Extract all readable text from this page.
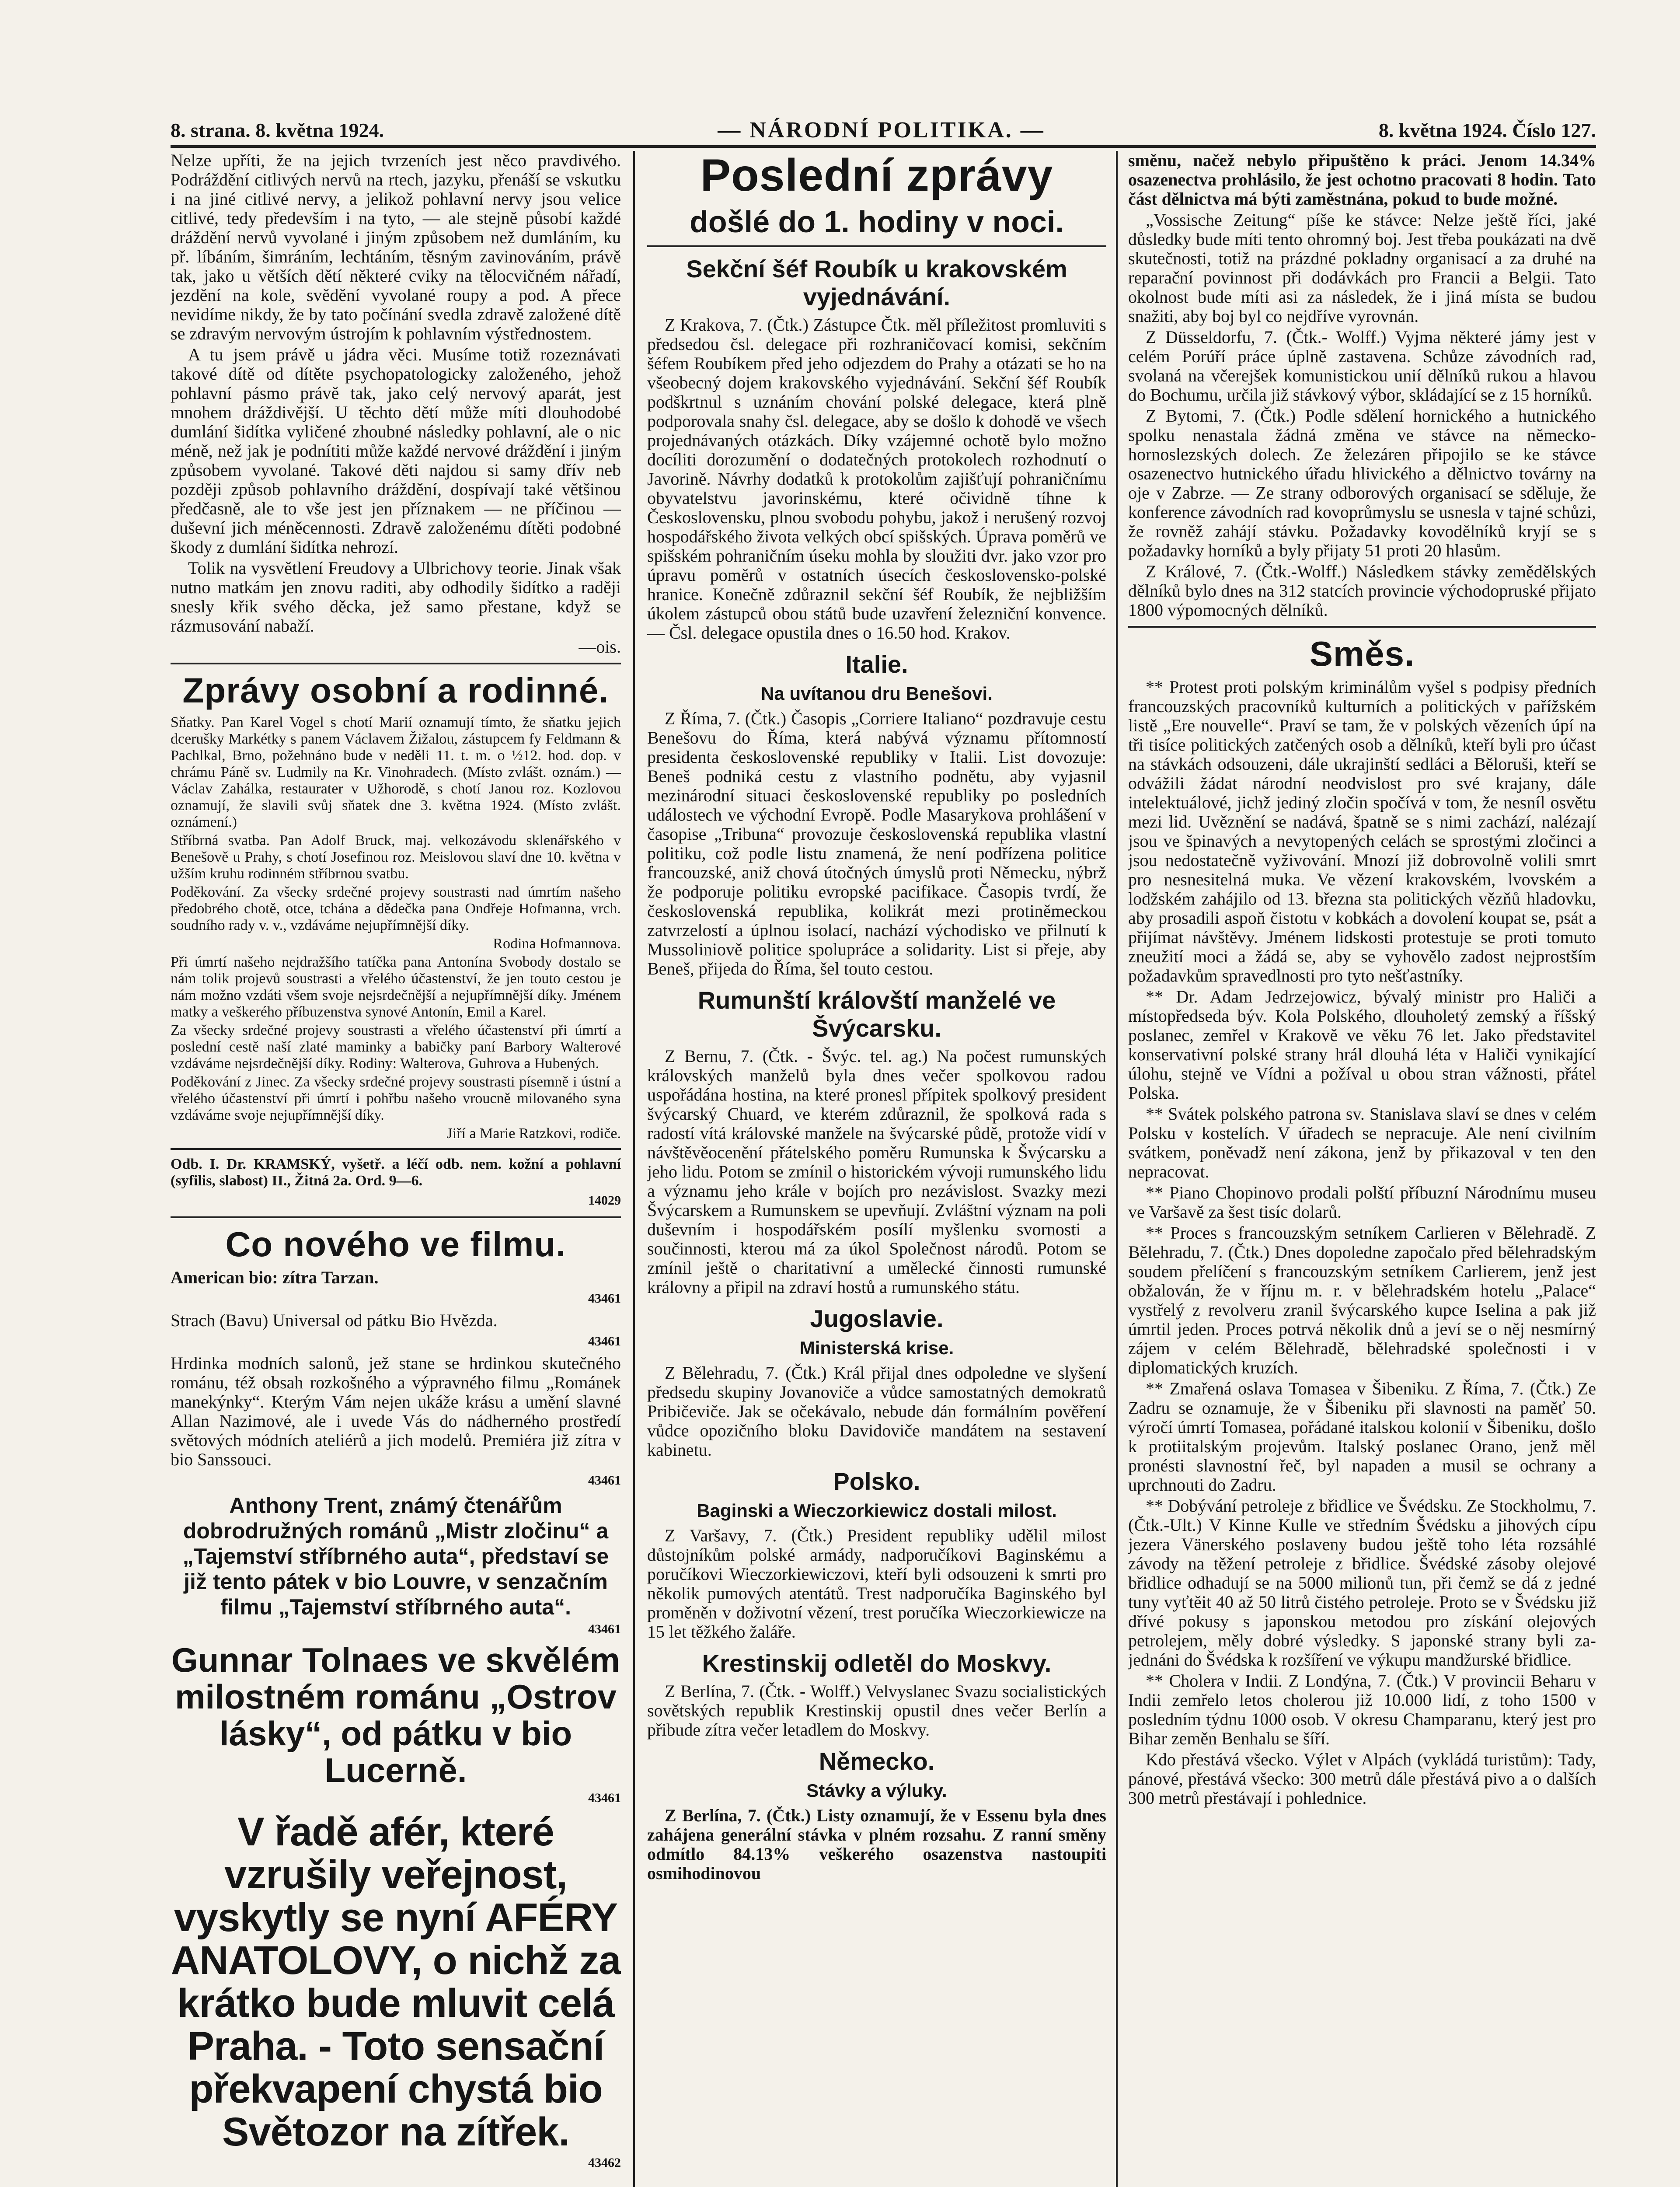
8. strana. 8. května 1924.	— NÁRODNÍ POLITIKA. —	8. května 1924. Číslo 127.

Nelze upříti, že na jejich tvrzeních jest něco pravdivého. Podráždění citlivých nervů na rtech, jazyku, přenáší se vskutku i na jiné citlivé nervy, a jelikož pohlavní nervy jsou velice citlivé, tedy především i na tyto, — ale stejně působí každé dráždění nervů vyvolané i jiným způsobem než dumláním, ku př. líbáním, šimráním, lechtáním, těsným zavinováním, právě tak, jako u větších dětí některé cviky na tělocvičném nářadí, jezdění na kole, svědění vyvolané roupy a pod. A přece nevidíme nikdy, že by tato počínání svedla zdravě založené dítě se zdravým nervovým ústrojím k pohlavním výstřednostem.

A tu jsem právě u jádra věci. Musíme totiž rozeznávati takové dítě od dítěte psychopatologicky založeného, jehož pohlavní pásmo právě tak, jako celý nervový aparát, jest mnohem dráždivější. U těchto dětí může míti dlouhodobé dumlání šidítka vyličené zhoubné následky pohlavní, ale o nic méně, než jak je podnítiti může každé nervové dráždění i jiným způsobem vyvolané. Takové děti najdou si samy dřív neb později způsob pohlavního dráždění, dospívají také většinou předčasně, ale to vše jest jen příznakem — ne příčinou — duševní jich méněcennosti. Zdravě založenému dítěti podobné škody z dumlání šidítka nehrozí.

Tolik na vysvětlení Freudovy a Ulbrichovy teorie. Jinak však nutno matkám jen znovu raditi, aby odhodily šidítko a raději snesly křik svého děcka, jež samo přestane, když se rázmusování nabaží.

—ois.

Zprávy osobní a rodinné.

Sňatky. Pan Karel Vogel s chotí Marií oznamují tímto, že sňatku jejich dcerušky Markétky s panem Václavem Žižalou, zástupcem fy Feldmann & Pachlkal, Brno, požehnáno bude v neděli 11. t. m. o ½12. hod. dop. v chrámu Páně sv. Ludmily na Kr. Vinohradech. (Místo zvlášt. oznám.) — Václav Zahálka, restaurater v Užhorodě, s chotí Janou roz. Kozlovou oznamují, že slavili svůj sňatek dne 3. května 1924. (Místo zvlášt. oznámení.)

Stříbrná svatba. Pan Adolf Bruck, maj. velkozávodu sklenářského v Benešově u Prahy, s chotí Josefinou roz. Meislovou slaví dne 10. května v užším kruhu rodinném stříbrnou svatbu.

Poděkování. Za všecky srdečné projevy soustrasti nad úmrtím našeho předobrého chotě, otce, tchána a dědečka pana Ondřeje Hofmanna, vrch. soudního rady v. v., vzdáváme nejupřímnější díky.

Rodina Hofmannova.

Při úmrtí našeho nejdražšího tatíčka pana Antonína Svobody dostalo se nám tolik projevů soustrasti a vřelého účastenství, že jen touto cestou je nám možno vzdáti všem svoje nejsrdečnější a nejupřímnější díky. Jménem matky a veškerého příbuzenstva synové Antonín, Emil a Karel.

Za všecky srdečné projevy soustrasti a vřelého účastenství při úmrtí a poslední cestě naší zlaté maminky a babičky paní Barbory Walterové vzdáváme nejsrdečnější díky. Rodiny: Walterova, Guhrova a Hubených.

Poděkování z Jinec. Za všecky srdečné projevy soustrasti písemně i ústní a vřelého účastenství při úmrtí i pohřbu našeho vroucně milovaného syna vzdáváme svoje nejupřímnější díky.

Jiří a Marie Ratzkovi, rodiče.

Odb. I. Dr. KRAMSKÝ, vyšetř. a léčí odb. nem. kožní a pohlavní (syfilis, slabost) II., Žitná 2a. Ord. 9—6.

14029

Co nového ve filmu.

American bio: zítra Tarzan.

43461

Strach (Bavu) Universal od pátku Bio Hvězda.

43461

Hrdinka modních salonů, jež stane se hrdinkou skutečného románu, též obsah rozkošného a výpravného filmu „Románek manekýnky“. Kterým Vám nejen ukáže krásu a umění slavné Allan Nazimové, ale i uvede Vás do nádherného prostředí světových módních ateliérů a jich modelů. Premiéra již zítra v bio Sanssouci.

43461

Anthony Trent, známý čtenářům dobrodružných románů „Mistr zločinu“ a „Tajemství stříbrného auta“, představí se již tento pátek v bio Louvre, v senzačním filmu „Tajemství stříbrného auta“.

43461

Gunnar Tolnaes ve skvělém milostném románu „Ostrov lásky“, od pátku v bio Lucerně.

43461

V řadě afér, které vzrušily veřejnost, vyskytly se nyní AFÉRY ANATOLOVY, o nichž za krátko bude mluvit celá Praha. - Toto sensační překvapení chystá bio Světozor na zítřek.

43462

Poslední zprávy
došlé do 1. hodiny v noci.
Sekční šéf Roubík u krakovském vyjednávání.

Z Krakova, 7. (Čtk.) Zástupce Čtk. měl příležitost promluviti s předsedou čsl. delegace při rozhraničovací komisi, sekčním šéfem Roubíkem před jeho odjezdem do Prahy a otázati se ho na všeobecný dojem krakovského vyjednávání. Sekční šéf Roubík podškrtnul s uznáním chování polské delegace, která plně podporovala snahy čsl. delegace, aby se došlo k dohodě ve všech projednávaných otázkách. Díky vzájemné ochotě bylo možno docíliti dorozumění o dodatečných protokolech rozhodnutí o Javorině. Návrhy dodatků k protokolům zajišťují pohraničnímu obyvatelstvu javorinskému, které očividně tíhne k Československu, plnou svobodu pohybu, jakož i nerušený rozvoj hospodářského života velkých obcí spišských. Úprava poměrů ve spišském pohraničním úseku mohla by sloužiti dvr. jako vzor pro úpravu poměrů v ostatních úsecích československo-polské hranice. Konečně zdůraznil sekční šéf Roubík, že nejbližším úkolem zástupců obou států bude uzavření železniční konvence. — Čsl. delegace opustila dnes o 16.50 hod. Krakov.

Italie.
Na uvítanou dru Benešovi.

Z Říma, 7. (Čtk.) Časopis „Corriere Italiano“ pozdravuje cestu Benešovu do Říma, která nabývá významu přítomností presidenta československé republiky v Italii. List dovozuje: Beneš podniká cestu z vlastního podnětu, aby vyjasnil mezinárodní situaci československé republiky po posledních událostech ve východní Evropě. Podle Masarykova prohlášení v časopise „Tribuna“ provozuje československá republika vlastní politiku, což podle listu znamená, že není podřízena politice francouzské, aniž chová útočných úmyslů proti Německu, nýbrž že podporuje politiku evropské pacifikace. Časopis tvrdí, že československá republika, kolikrát mezi protiněmeckou zatvrzelostí a úplnou isolací, nachází východisko ve přilnutí k Mussoliniově politice spolupráce a solidarity. List si přeje, aby Beneš, přijeda do Říma, šel touto cestou.

Rumunští královští manželé ve Švýcarsku.

Z Bernu, 7. (Čtk. - Švýc. tel. ag.) Na počest rumunských královských manželů byla dnes večer spolkovou radou uspořádána hostina, na které pronesl přípitek spolkový president švýcarský Chuard, ve kterém zdůraznil, že spolková rada s radostí vítá královské manžele na švýcarské půdě, protože vidí v návštěvěocenění přátelského poměru Rumunska k Švýcarsku a jeho lidu. Potom se zmínil o historickém vývoji rumunského lidu a významu jeho krále v bojích pro nezávislost. Svazky mezi Švýcarskem a Rumunskem se upevňují. Zvláštní význam na poli duševním i hospodářském posílí myšlenku svornosti a součinnosti, kterou má za úkol Společnost národů. Potom se zmínil ještě o charitativní a umělecké činnosti rumunské královny a připil na zdraví hostů a rumunského státu.

Jugoslavie.
Ministerská krise.

Z Bělehradu, 7. (Čtk.) Král přijal dnes odpoledne ve slyšení předsedu skupiny Jovanoviče a vůdce samostatných demokratů Pribičeviče. Jak se očekávalo, nebude dán formálním pověření vůdce opozičního bloku Davidoviče mandátem na sestavení kabinetu.

Polsko.
Baginski a Wieczorkiewicz dostali milost.

Z Varšavy, 7. (Čtk.) President republiky udělil milost důstojníkům polské armády, nadporučíkovi Baginskému a poručíkovi Wieczorkiewiczovi, kteří byli odsouzeni k smrti pro několik pumových atentátů. Trest nadporučíka Baginského byl proměněn v doživotní vězení, trest poručíka Wieczorkiewicze na 15 let těžkého žaláře.

Krestinskij odletěl do Moskvy.

Z Berlína, 7. (Čtk. - Wolff.) Velvyslanec Svazu socialistických sovětských republik Krestinskij opustil dnes večer Berlín a přibude zítra večer letadlem do Moskvy.

Německo.
Stávky a výluky.

Z Berlína, 7. (Čtk.) Listy oznamují, že v Essenu byla dnes zahájena generální stávka v plném rozsahu. Z ranní směny odmítlo 84.13% veškerého osazenstva nastoupiti osmihodinovou

směnu, načež nebylo připuštěno k práci. Jenom 14.34% osazenectva prohlásilo, že jest ochotno pracovati 8 hodin. Tato část dělnictva má býti zaměstnána, pokud to bude možné.

„Vossische Zeitung“ píše ke stávce: Nelze ještě říci, jaké důsledky bude míti tento ohromný boj. Jest třeba poukázati na dvě skutečnosti, totiž na prázdné pokladny organisací a za druhé na reparační povinnost při dodávkách pro Francii a Belgii. Tato okolnost bude míti asi za následek, že i jiná místa se budou snažiti, aby boj byl co nejdříve vyrovnán.

Z Düsseldorfu, 7. (Čtk.- Wolff.) Vyjma některé jámy jest v celém Porúří práce úplně zastavena. Schůze závodních rad, svolaná na včerejšek komunistickou unií dělníků rukou a hlavou do Bochumu, určila již stávkový výbor, skládající se z 15 horníků.

Z Bytomi, 7. (Čtk.) Podle sdělení hornického a hutnického spolku nenastala žádná změna ve stávce na německo-hornoslezských dolech. Ze železáren připojilo se ke stávce osazenectvo hutnického úřadu hlivického a dělnictvo továrny na oje v Zabrze. — Ze strany odborových organisací se sděluje, že konference závodních rad kovoprůmyslu se usnesla v tajné schůzi, že rovněž zahájí stávku. Požadavky kovodělníků kryjí se s požadavky horníků a byly přijaty 51 proti 20 hlasům.

Z Králové, 7. (Čtk.-Wolff.) Následkem stávky zemědělských dělníků bylo dnes na 312 statcích provincie východopruské přijato 1800 výpomocných dělníků.

Směs.

** Protest proti polským kriminálům vyšel s podpisy předních francouzských pracovníků kulturních a politických v pařížském listě „Ere nouvelle“. Praví se tam, že v polských vězeních úpí na tři tisíce politických zatčených osob a dělníků, kteří byli pro účast na stávkách odsouzeni, dále ukrajinští sedláci a Běloruši, kteří se odvážili žádat národní neodvislost pro své krajany, dále intelektuálové, jichž jediný zločin spočívá v tom, že nesníl osvětu mezi lid. Uvěznění se nadává, špatně se s nimi zachází, nalézají jsou ve špinavých a nevytopených celách se sprostými zločinci a jsou nedostatečně vyživování. Mnozí již dobrovolně volili smrt pro nesnesitelná muka. Ve vězení krakovském, lvovském a lodžském zahájilo od 13. března sta politických vězňů hladovku, aby prosadili aspoň čistotu v kobkách a dovolení koupat se, psát a přijímat návštěvy. Jménem lidskosti protestuje se proti tomuto zneužití moci a žádá se, aby se vyhovělo zadost nejprostším požadavkům spravedlnosti pro tyto nešťastníky.

** Dr. Adam Jedrzejowicz, bývalý ministr pro Haliči a místopředseda býv. Kola Polského, dlouholetý zemský a říšský poslanec, zemřel v Krakově ve věku 76 let. Jako představitel konservativní polské strany hrál dlouhá léta v Haliči vynikající úlohu, stejně ve Vídni a požíval u obou stran vážnosti, přátel Polska.

** Svátek polského patrona sv. Stanislava slaví se dnes v celém Polsku v kostelích. V úřadech se nepracuje. Ale není civilním svátkem, poněvadž není zákona, jenž by přikazoval v ten den nepracovat.

** Piano Chopinovo prodali polští příbuzní Národnímu museu ve Varšavě za šest tisíc dolarů.

** Proces s francouzským setníkem Carlieren v Bělehradě. Z Bělehradu, 7. (Čtk.) Dnes dopoledne započalo před bělehradským soudem přelíčení s francouzským setníkem Carlierem, jenž jest obžalován, že v říjnu m. r. v bělehradském hotelu „Palace“ vystřelý z revolveru zranil švýcarského kupce Iselina a pak již úmrtil jeden. Proces potrvá několik dnů a jeví se o něj nesmírný zájem v celém Bělehradě, bělehradské společnosti i v diplomatických kruzích.

** Zmařená oslava Tomasea v Šibeniku. Z Říma, 7. (Čtk.) Ze Zadru se oznamuje, že v Šibeniku při slavnosti na paměť 50. výročí úmrtí Tomasea, pořádané italskou kolonií v Šibeniku, došlo k protiitalským projevům. Italský poslanec Orano, jenž měl pronésti slavnostní řeč, byl napaden a musil se ochrany a uprchnouti do Zadru.

** Dobývání petroleje z břidlice ve Švédsku. Ze Stockholmu, 7. (Čtk.-Ult.) V Kinne Kulle ve středním Švédsku a jihových cípu jezera Vänerského poslaveny budou ještě toho léta rozsáhlé závody na těžení petroleje z břidlice. Švédské zásoby olejové břidlice odhadují se na 5000 milionů tun, při čemž se dá z jedné tuny vyťtěit 40 až 50 litrů čistého petroleje. Proto se v Švédsku již dřívé pokusy s japonskou metodou pro získání olejových petrolejem, měly dobré výsledky. S japonské strany byli za-jednáni do Švédska k rozšíření ve výkupu mandžurské břidlice.

** Cholera v Indii. Z Londýna, 7. (Čtk.) V provincii Beharu v Indii zemřelo letos cholerou již 10.000 lidí, z toho 1500 v posledním týdnu 1000 osob. V okresu Champaranu, který jest pro Bihar zeměn Benhalu se šíří.

Kdo přestává všecko. Výlet v Alpách (vykládá turistům): Tady, pánové, přestává všecko: 300 metrů dále přestává pivo a o dalších 300 metrů přestávají i pohlednice.
